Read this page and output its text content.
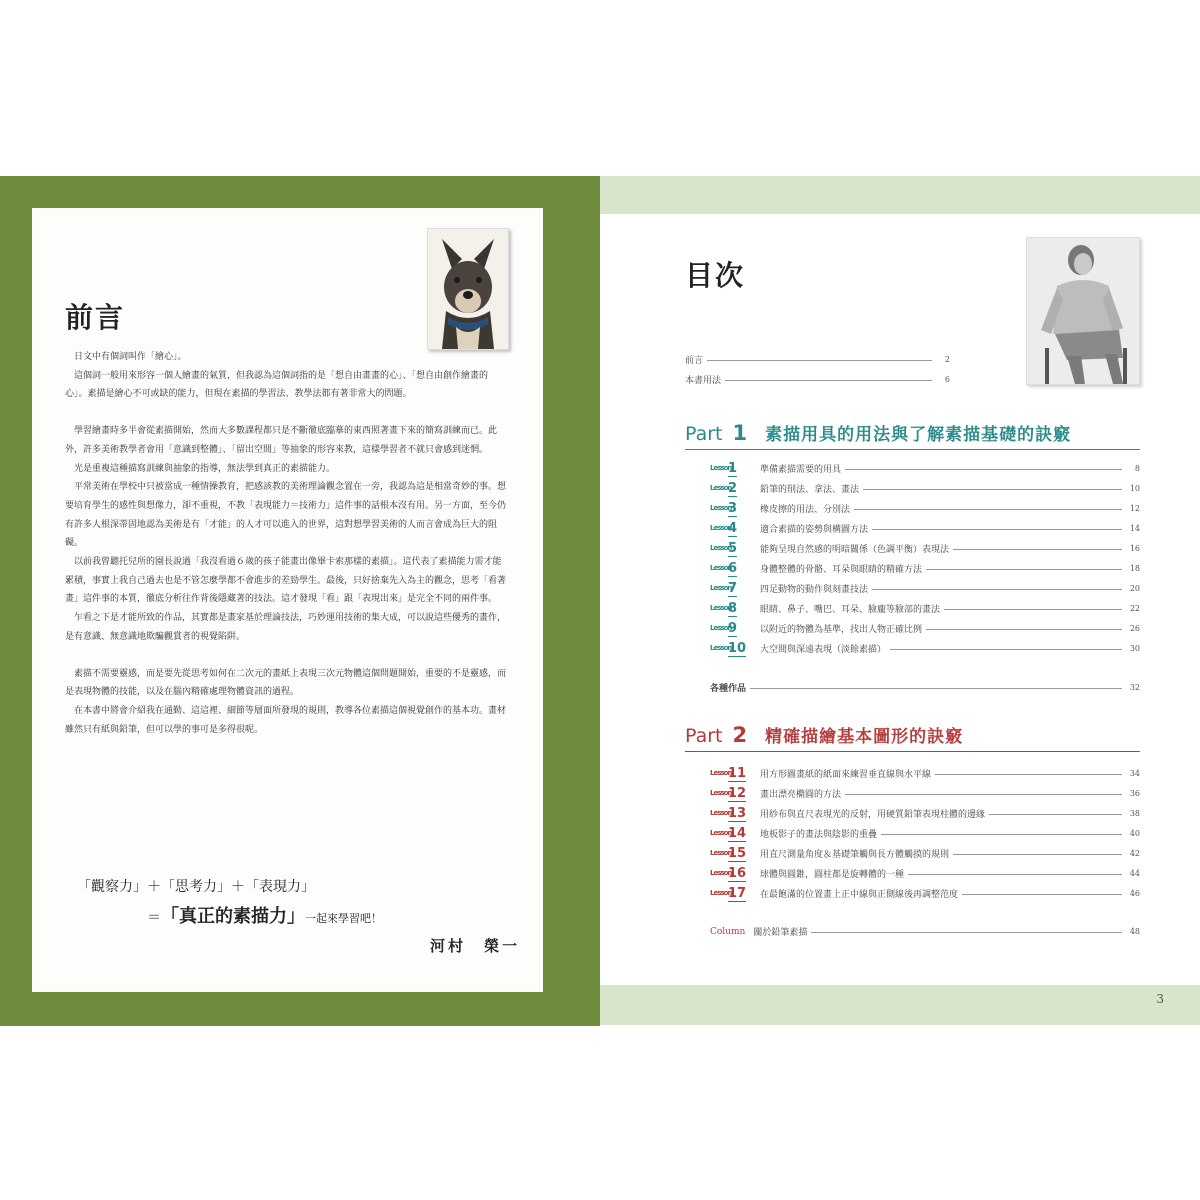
前言

日文中有個詞叫作「繪心」。

這個詞一般用來形容一個人繪畫的氣質，但我認為這個詞指的是「想自由畫畫的心」、「想自由創作繪畫的心」。素描是繪心不可或缺的能力，但現在素描的學習法、教學法都有著非常大的問題。

學習繪畫時多半會從素描開始，然而大多數課程都只是不斷徹底臨摹的東西照著畫下來的簡寫訓練而已。此外，許多美術教學者會用「意識到整體」、「留出空間」等抽象的形容來教，這樣學習者不就只會感到迷惘。

光是重複這種描寫訓練與抽象的指導，無法學到真正的素描能力。

平常美術在學校中只被當成一種情操教育，把感該教的美術理論觀念置在一旁，我認為這是相當奇妙的事。想要培育學生的感性與想像力，卻不重視，不教「表現能力＝技術力」這件事的話根本沒有用。另一方面，至今仍有許多人根深蒂固地認為美術是有「才能」的人才可以進入的世界，這對想學習美術的人而言會成為巨大的阻礙。

以前我曾聽托兒所的園長說過「我沒看過６歲的孩子能畫出像畢卡索那樣的素描」。這代表了素描能力需才能累積，事實上我自己過去也是不管怎麼學都不會進步的差勁學生。最後，只好捨棄先入為主的觀念，思考「看著畫」這件事的本質，徹底分析往作背後隱藏著的技法。這才發現「看」跟「表現出來」是完全不同的兩件事。

乍看之下是才能所致的作品，其實都是畫家基於理論技法，巧妙運用技術的集大成，可以說這些優秀的畫作，是有意識、無意識地欺騙觀賞者的視覺陷阱。

素描不需要靈感，而是要先從思考如何在二次元的畫紙上表現三次元物體這個問題開始，重要的不是靈感，而是表現物體的技能，以及在腦內精確處理物體資訊的過程。

在本書中將會介紹我在通勤、這這裡、細節等層面所發現的規則，教導各位素描這個視覺創作的基本功。畫材雖然只有紙與鉛筆，但可以學的事可是多得很呢。

「觀察力」＋「思考力」＋「表現力」
＝「真正的素描力」一起來學習吧！
河村　榮一
3
目次
前言	2
本書用法	6
Part 1 素描用具的用法與了解素描基礎的訣竅
Lesson1	準備素描需要的用具	8
Lesson2	鉛筆的削法、拿法、畫法	10
Lesson3	橡皮擦的用法、分別法	12
Lesson4	適合素描的姿勢與構圖方法	14
Lesson5	能夠呈現自然感的明暗關係（色調平衡）表現法	16
Lesson6	身體整體的骨骼、耳朵與眼睛的精確方法	18
Lesson7	四足動物的動作與刻畫技法	20
Lesson8	眼睛、鼻子、嘴巴、耳朵、臉龐等臉部的畫法	22
Lesson9	以附近的物體為基準，找出人物正確比例	26
Lesson10	大空間與深遠表現（淡餘素描）	30
各種作品	32
Part 2 精確描繪基本圖形的訣竅
Lesson11	用方形圖畫紙的紙面來練習垂直線與水平線	34
Lesson12	畫出漂亮橢圓的方法	36
Lesson13	用紗布與直尺表現光的反射，用硬質鉛筆表現柱體的邊緣	38
Lesson14	地板影子的畫法與陰影的重疊	40
Lesson15	用直尺測量角度＆基礎筆觸與長方體觸摸的規則	42
Lesson16	球體與圓錐，圓柱都是旋轉體的一種	44
Lesson17	在最飽滿的位置畫上正中線與正側線後再調整范度	46
Column 關於鉛筆素描	48
